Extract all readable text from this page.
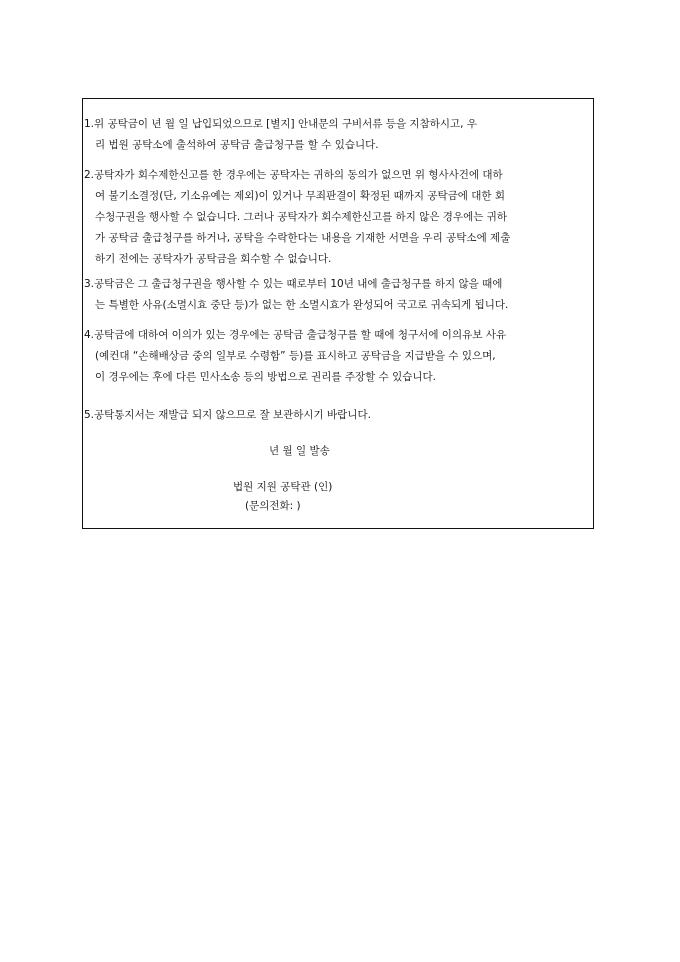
1. 위 공탁금이 년 월 일 납입되었으므로 [별지] 안내문의 구비서류 등을 지참하시고, 우
리 법원 공탁소에 출석하여 공탁금 출급청구를 할 수 있습니다.
2. 공탁자가 회수제한신고를 한 경우에는 공탁자는 귀하의 동의가 없으면 위 형사사건에 대하
여 불기소결정(단, 기소유예는 제외)이 있거나 무죄판결이 확정된 때까지 공탁금에 대한 회
수청구권을 행사할 수 없습니다. 그러나 공탁자가 회수제한신고를 하지 않은 경우에는 귀하
가 공탁금 출급청구를 하거나, 공탁을 수락한다는 내용을 기재한 서면을 우리 공탁소에 제출
하기 전에는 공탁자가 공탁금을 회수할 수 없습니다.
3. 공탁금은 그 출급청구권을 행사할 수 있는 때로부터 10년 내에 출급청구를 하지 않을 때에
는 특별한 사유(소멸시효 중단 등)가 없는 한 소멸시효가 완성되어 국고로 귀속되게 됩니다.
4. 공탁금에 대하여 이의가 있는 경우에는 공탁금 출급청구를 할 때에 청구서에 이의유보 사유
(예컨대 “손해배상금 중의 일부로 수령함” 등)를 표시하고 공탁금을 지급받을 수 있으며,
이 경우에는 후에 다른 민사소송 등의 방법으로 권리를 주장할 수 있습니다.
5. 공탁통지서는 재발급 되지 않으므로 잘 보관하시기 바랍니다.
년 월 일 발송
법원 지원 공탁관 (인)
(문의전화: )
